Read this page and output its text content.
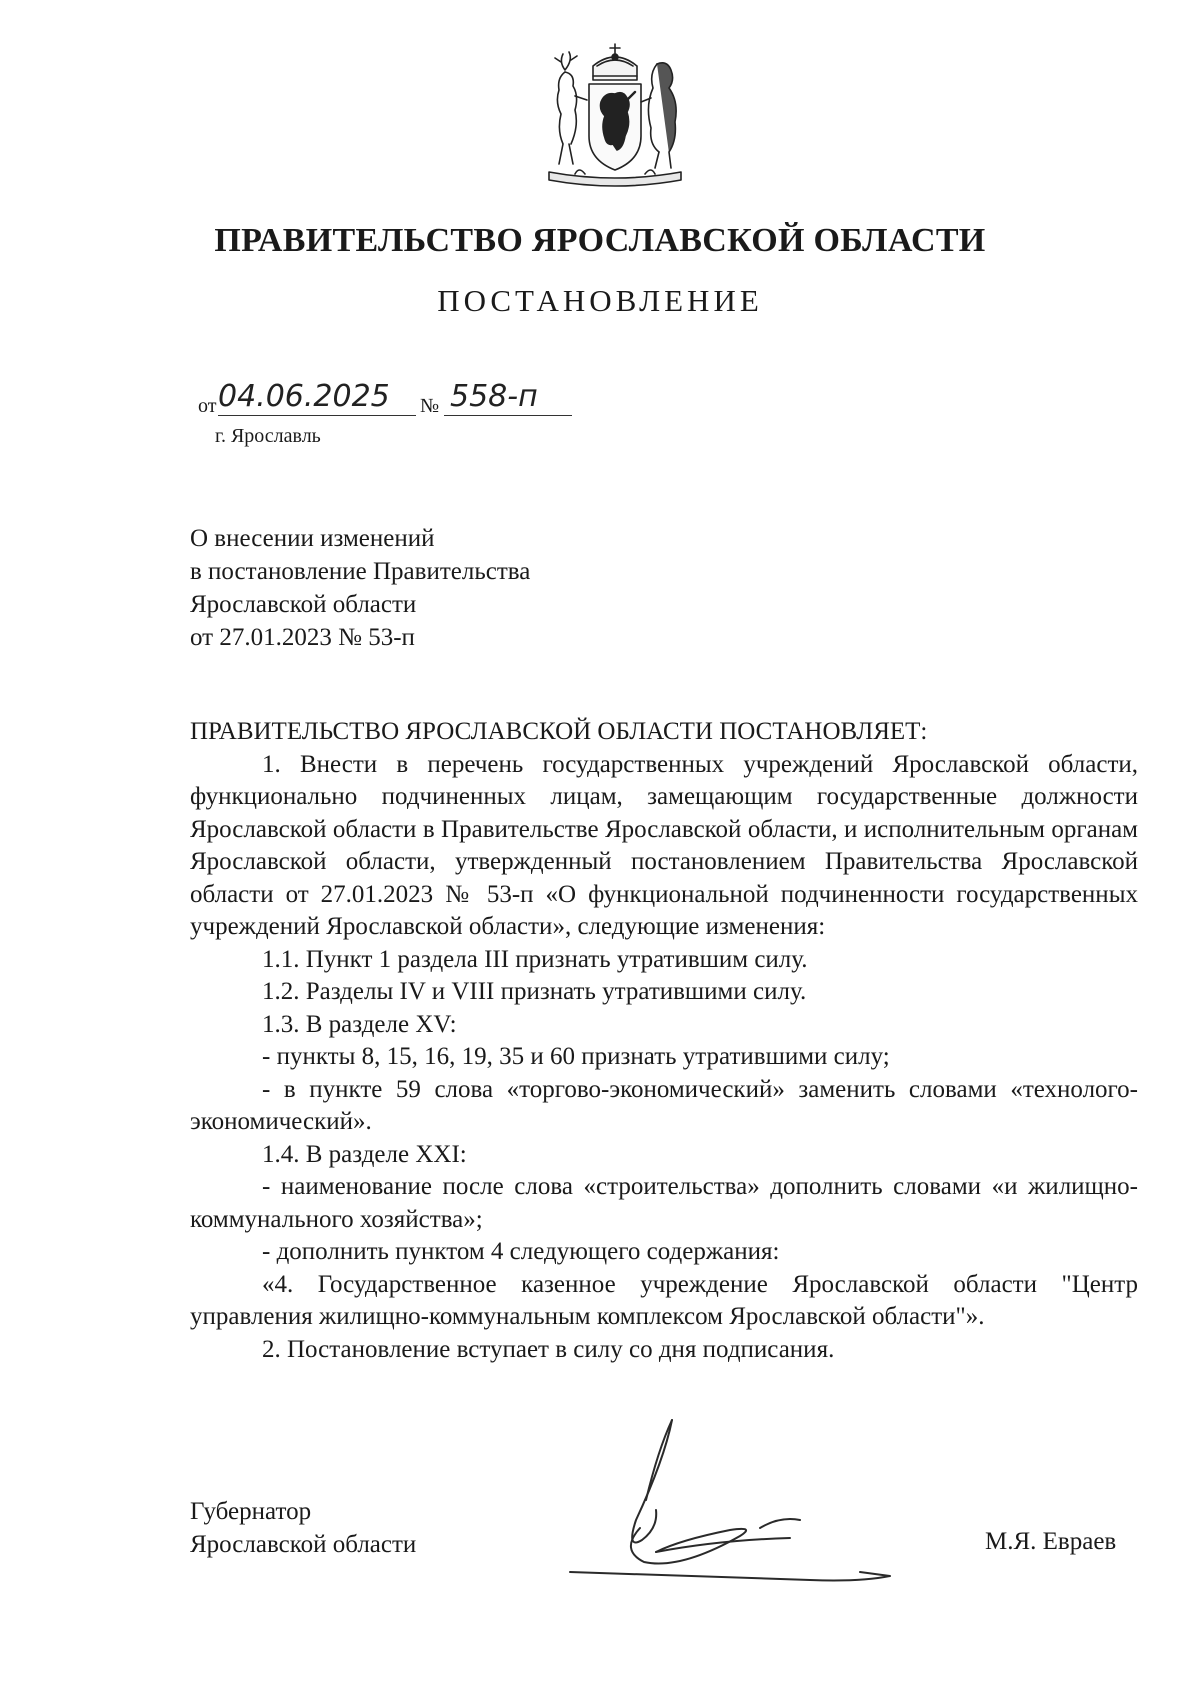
ПРАВИТЕЛЬСТВО ЯРОСЛАВСКОЙ ОБЛАСТИ
ПОСТАНОВЛЕНИЕ
от 04.06.2025 № 558-п
г. Ярославль
О внесении изменений
в постановление Правительства
Ярославской области
от 27.01.2023 № 53-п

ПРАВИТЕЛЬСТВО ЯРОСЛАВСКОЙ ОБЛАСТИ ПОСТАНОВЛЯЕТ:

1. Внести в перечень государственных учреждений Ярославской области, функционально подчиненных лицам, замещающим государственные должности Ярославской области в Правительстве Ярославской области, и исполнительным органам Ярославской области, утвержденный постановлением Правительства Ярославской области от 27.01.2023 № 53-п «О функциональной подчиненности государственных учреждений Ярославской области», следующие изменения:

1.1. Пункт 1 раздела III признать утратившим силу.

1.2. Разделы IV и VIII признать утратившими силу.

1.3. В разделе XV:

- пункты 8, 15, 16, 19, 35 и 60 признать утратившими силу;

- в пункте 59 слова «торгово-экономический» заменить словами «технолого-экономический».

1.4. В разделе XXI:

- наименование после слова «строительства» дополнить словами «и жилищно-коммунального хозяйства»;

- дополнить пунктом 4 следующего содержания:

«4. Государственное казенное учреждение Ярославской области "Центр управления жилищно-коммунальным комплексом Ярославской области"».

2. Постановление вступает в силу со дня подписания.

Губернатор
Ярославской области	М.Я. Евраев
